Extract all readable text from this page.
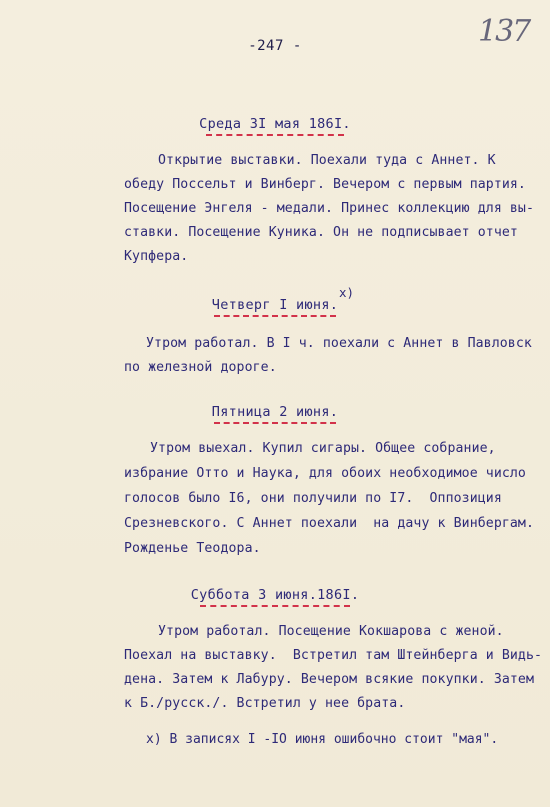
137
-247 -
Среда 3I мая 186I.
Открытие выставки. Поехали туда с Аннет. К
обеду Поссельт и Винберг. Вечером с первым партия.
Посещение Энгеля - медали. Принес коллекцию для вы-
ставки. Посещение Куника. Он не подписывает отчет
Купфера.
Четверг I июня.
x)
Утром работал. В I ч. поехали с Аннет в Павловск
по железной дороге.
Пятница 2 июня.
Утром выехал. Купил сигары. Общее собрание,
избрание Отто и Наука, для обоих необходимое число
голосов было I6, они получили по I7.  Оппозиция
Срезневского. С Аннет поехали  на дачу к Винбергам.
Рожденье Теодора.
Суббота 3 июня.186I.
Утром работал. Посещение Кокшарова с женой.
Поехал на выставку.  Встретил там Штейнберга и Видь-
дена. Затем к Лабуру. Вечером всякие покупки. Затем
к Б./русск./. Встретил у нее брата.
x) В записях I -IO июня ошибочно стоит "мая".
